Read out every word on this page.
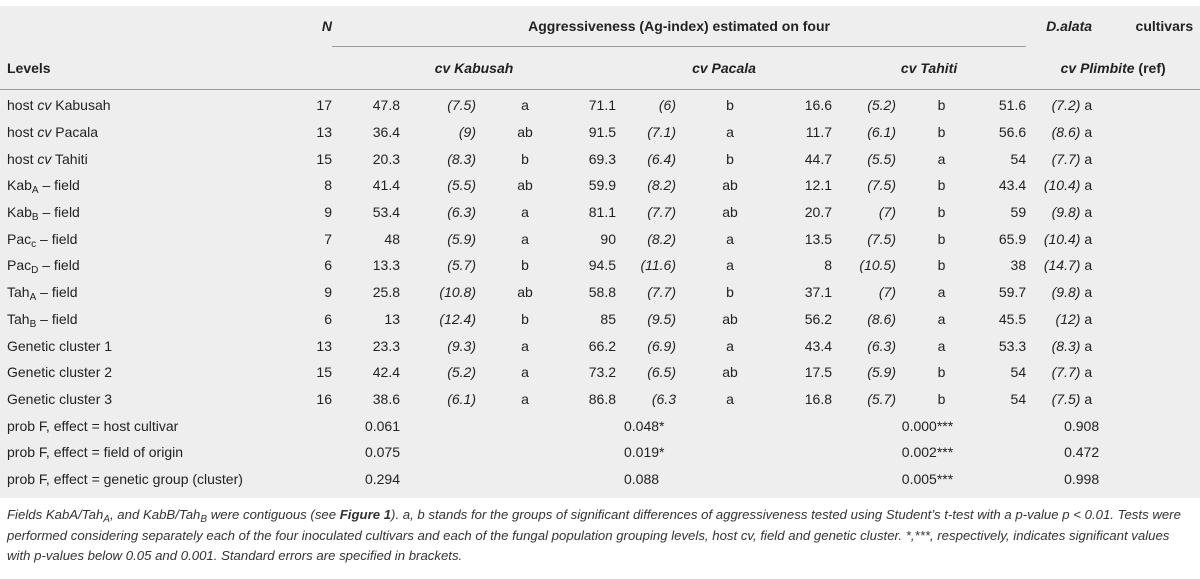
	N	Aggressiveness (Ag-index) estimated on four										D.alata	cultivars
Levels		cv Kabusah				cv Pacala			cv Tahiti			cv Plimbite (ref)	
host cv Kabusah	17	47.8	(7.5)	a	71.1	(6)	b	16.6	(5.2)	b	51.6	(7.2) a	
host cv Pacala	13	36.4	(9)	ab	91.5	(7.1)	a	11.7	(6.1)	b	56.6	(8.6) a	
host cv Tahiti	15	20.3	(8.3)	b	69.3	(6.4)	b	44.7	(5.5)	a	54	(7.7) a	
Kab$_A$ – field	8	41.4	(5.5)	ab	59.9	(8.2)	ab	12.1	(7.5)	b	43.4	(10.4) a	
Kab$_B$ – field	9	53.4	(6.3)	a	81.1	(7.7)	ab	20.7	(7)	b	59	(9.8) a	
Pac$_c$ – field	7	48	(5.9)	a	90	(8.2)	a	13.5	(7.5)	b	65.9	(10.4) a	
Pac$_D$ – field	6	13.3	(5.7)	b	94.5	(11.6)	a	8	(10.5)	b	38	(14.7) a	
Tah$_A$ – field	9	25.8	(10.8)	ab	58.8	(7.7)	b	37.1	(7)	a	59.7	(9.8) a	
Tah$_B$ – field	6	13	(12.4)	b	85	(9.5)	ab	56.2	(8.6)	a	45.5	(12) a	
Genetic cluster 1	13	23.3	(9.3)	a	66.2	(6.9)	a	43.4	(6.3)	a	53.3	(8.3) a	
Genetic cluster 2	15	42.4	(5.2)	a	73.2	(6.5)	ab	17.5	(5.9)	b	54	(7.7) a	
Genetic cluster 3	16	38.6	(6.1)	a	86.8	(6.3	a	16.8	(5.7)	b	54	(7.5) a	
prob F, effect = host cultivar		0.061				0.048*			0.000***			0.908	
prob F, effect = field of origin		0.075				0.019*			0.002***			0.472	
prob F, effect = genetic group (cluster)		0.294				0.088			0.005***			0.998	
Fields KabA/Tah$_A$, and KabB/Tah$_B$ were contiguous (see Figure 1). a, b stands for the groups of significant differences of aggressiveness tested using Student’s t-test with a p-value p < 0.01. Tests were performed considering separately each of the four inoculated cultivars and each of the fungal population grouping levels, host cv, field and genetic cluster. *,***, respectively, indicates significant values with p-values below 0.05 and 0.001. Standard errors are specified in brackets.
